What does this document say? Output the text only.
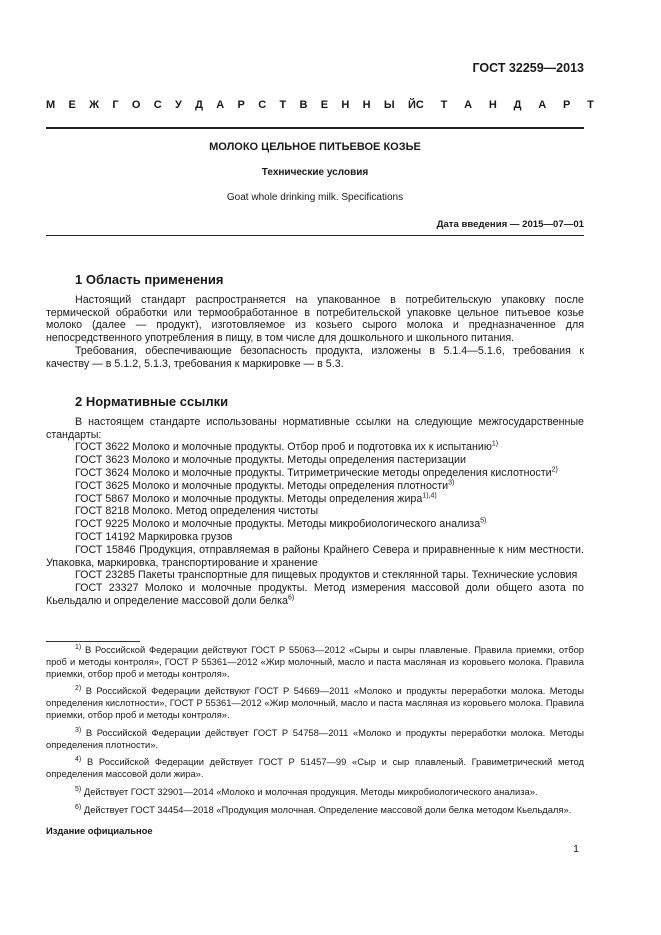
ГОСТ 32259—2013
М Е Ж Г О С У Д А Р С Т В Е Н Н Ы Й С Т А Н Д А Р Т
МОЛОКО ЦЕЛЬНОЕ ПИТЬЕВОЕ КОЗЬЕ
Технические условия
Goat whole drinking milk. Specifications
Дата введения — 2015—07—01
1 Область применения

Настоящий стандарт распространяется на упакованное в потребительскую упаковку после термической обработки или термообработанное в потребительской упаковке цельное питьевое козье молоко (далее — продукт), изготовляемое из козьего сырого молока и предназначенное для непосредственного употребления в пищу, в том числе для дошкольного и школьного питания.

Требования, обеспечивающие безопасность продукта, изложены в 5.1.4—5.1.6, требования к качеству — в 5.1.2, 5.1.3, требования к маркировке — в 5.3.

2 Нормативные ссылки

В настоящем стандарте использованы нормативные ссылки на следующие межгосударственные стандарты:

ГОСТ 3622 Молоко и молочные продукты. Отбор проб и подготовка их к испытанию$^{1)}$
ГОСТ 3623 Молоко и молочные продукты. Методы определения пастеризации
ГОСТ 3624 Молоко и молочные продукты. Титриметрические методы определения кислотности$^{2)}$
ГОСТ 3625 Молоко и молочные продукты. Методы определения плотности$^{3)}$
ГОСТ 5867 Молоко и молочные продукты. Методы определения жира$^{1),4)}$
ГОСТ 8218 Молоко. Метод определения чистоты
ГОСТ 9225 Молоко и молочные продукты. Методы микробиологического анализа$^{5)}$
ГОСТ 14192 Маркировка грузов
ГОСТ 15846 Продукция, отправляемая в районы Крайнего Севера и приравненные к ним местности. Упаковка, маркировка, транспортирование и хранение
ГОСТ 23285 Пакеты транспортные для пищевых продуктов и стеклянной тары. Технические условия
ГОСТ 23327 Молоко и молочные продукты. Метод измерения массовой доли общего азота по Кьельдалю и определение массовой доли белка$^{6)}$

$^{1)}$ В Российской Федерации действуют ГОСТ Р 55063—2012 «Сыры и сыры плавленые. Правила приемки, отбор проб и методы контроля», ГОСТ Р 55361—2012 «Жир молочный, масло и паста масляная из коровьего молока. Правила приемки, отбор проб и методы контроля».

$^{2)}$ В Российской Федерации действуют ГОСТ Р 54669—2011 «Молоко и продукты переработки молока. Методы определения кислотности», ГОСТ Р 55361—2012 «Жир молочный, масло и паста масляная из коровьего молока. Правила приемки, отбор проб и методы контроля».

$^{3)}$ В Российской Федерации действует ГОСТ Р 54758—2011 «Молоко и продукты переработки молока. Методы определения плотности».

$^{4)}$ В Российской Федерации действует ГОСТ Р 51457—99 «Сыр и сыр плавленый. Гравиметрический метод определения массовой доли жира».

$^{5)}$ Действует ГОСТ 32901—2014 «Молоко и молочная продукция. Методы микробиологического анализа».

$^{6)}$ Действует ГОСТ 34454—2018 «Продукция молочная. Определение массовой доли белка методом Кьельдаля».

Издание официальное
1
